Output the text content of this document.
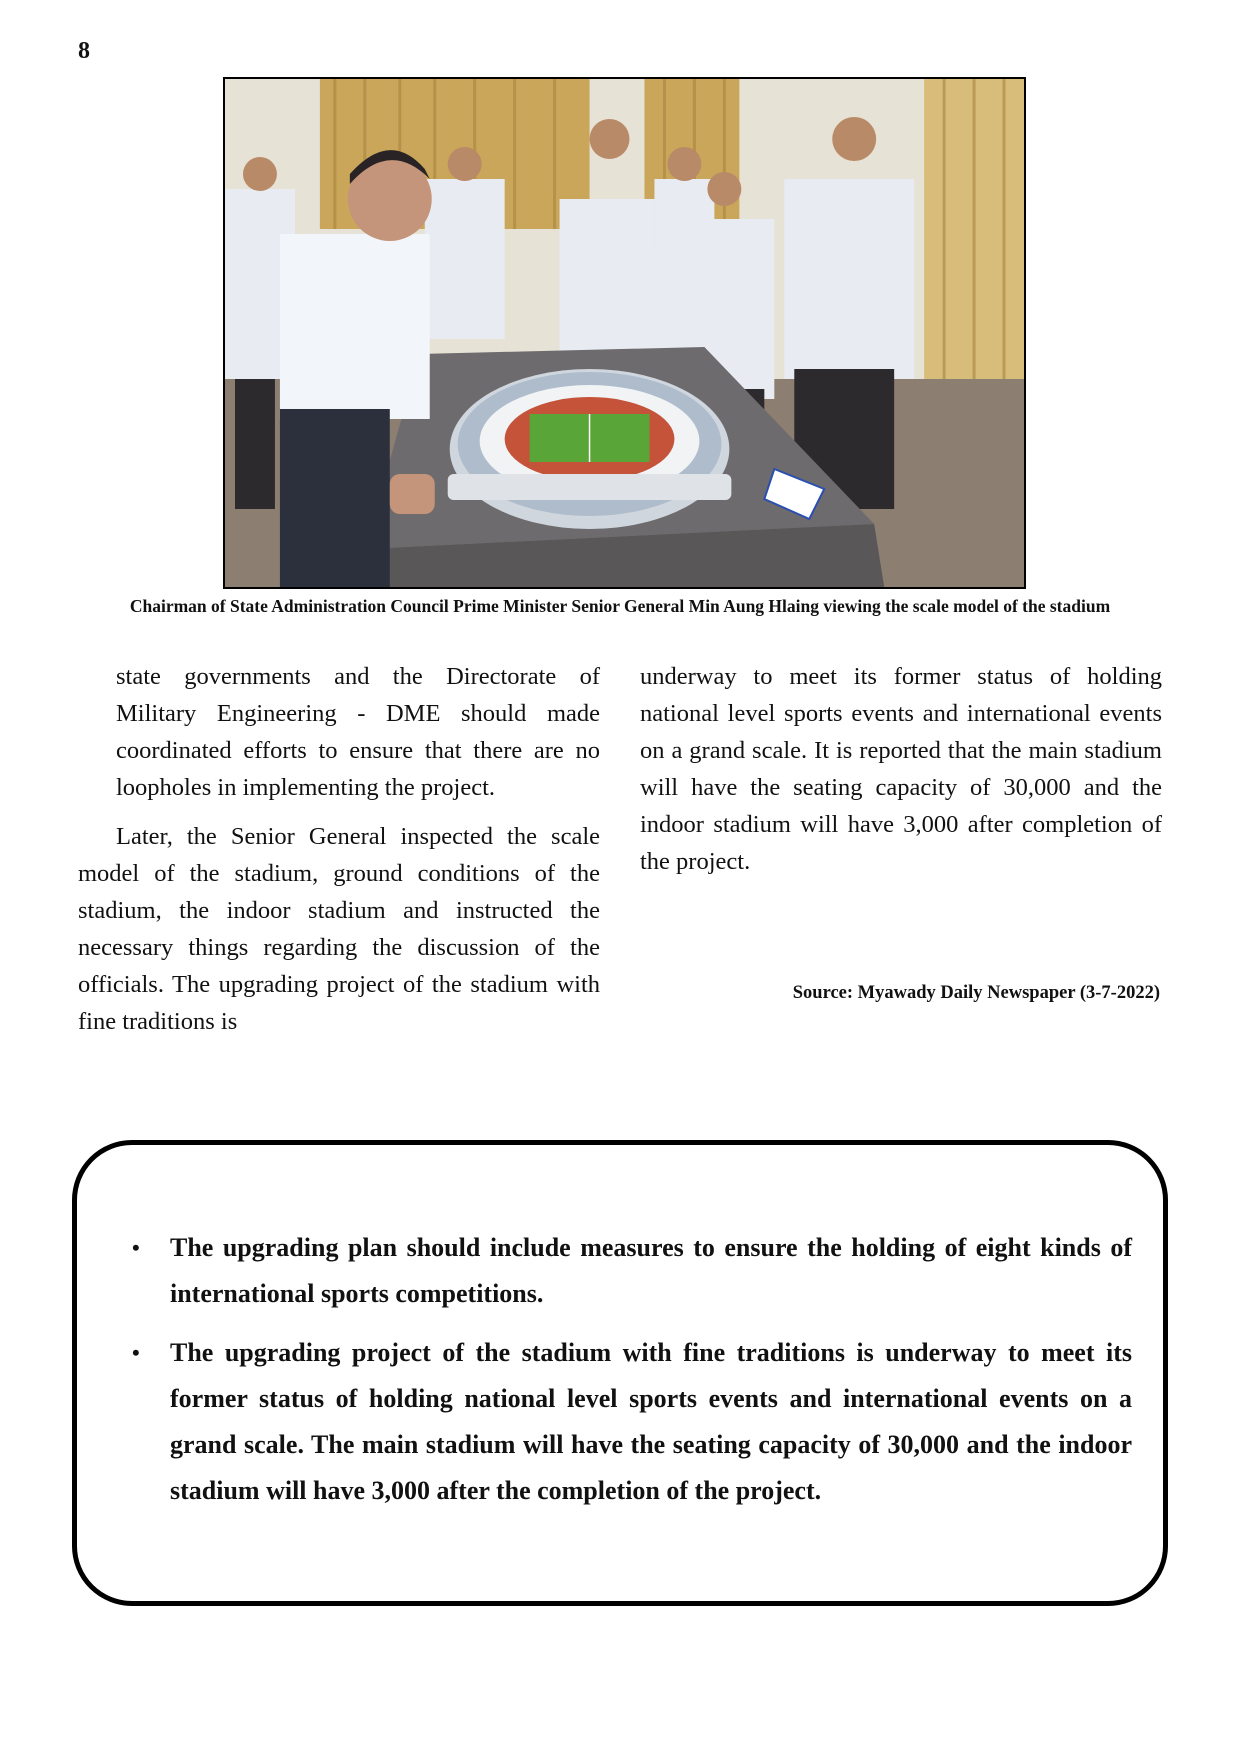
8
Chairman of State Administration Council Prime Minister Senior General Min Aung Hlaing viewing the scale model of the stadium

state governments and the Directorate of Military Engineering - DME should made coordinated efforts to ensure that there are no loopholes in implementing the project.

Later, the Senior General inspected the scale model of the stadium, ground conditions of the stadium, the indoor stadium and instructed the necessary things regarding the discussion of the officials. The upgrading project of the stadium with fine traditions is

underway to meet its former status of holding national level sports events and international events on a grand scale. It is reported that the main stadium will have the seating capacity of 30,000 and the indoor stadium will have 3,000 after completion of the project.

Source: Myawady Daily Newspaper (3-7-2022)
• The upgrading plan should include measures to ensure the holding of eight kinds of international sports competitions.
• The upgrading project of the stadium with fine traditions is underway to meet its former status of holding national level sports events and international events on a grand scale. The main stadium will have the seating capacity of 30,000 and the indoor stadium will have 3,000 after the completion of the project.
